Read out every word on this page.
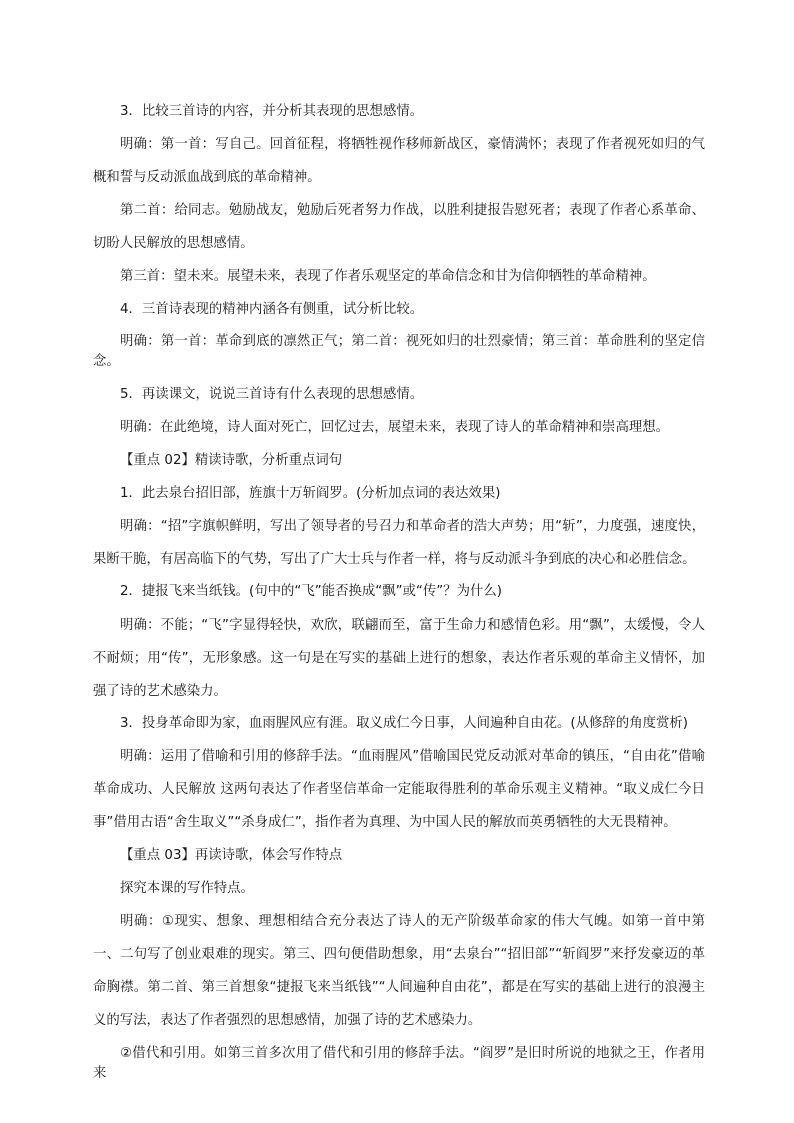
3．比较三首诗的内容，并分析其表现的思想感情。

明确：第一首：写自己。回首征程，将牺牲视作移师新战区，豪情满怀；表现了作者视死如归的气概和誓与反动派血战到底的革命精神。

第二首：给同志。勉励战友，勉励后死者努力作战，以胜利捷报告慰死者；表现了作者心系革命、切盼人民解放的思想感情。

第三首：望未来。展望未来，表现了作者乐观坚定的革命信念和甘为信仰牺牲的革命精神。

4．三首诗表现的精神内涵各有侧重，试分析比较。

明确：第一首：革命到底的凛然正气；第二首：视死如归的壮烈豪情；第三首：革命胜利的坚定信念。

5．再读课文，说说三首诗有什么表现的思想感情。

明确：在此绝境，诗人面对死亡，回忆过去，展望未来，表现了诗人的革命精神和崇高理想。

【重点 02】精读诗歌，分析重点词句

1．此去泉台招旧部，旌旗十万斩阎罗。(分析加点词的表达效果)

明确：“招”字旗帜鲜明，写出了领导者的号召力和革命者的浩大声势；用“斩”，力度强，速度快，果断干脆，有居高临下的气势，写出了广大士兵与作者一样，将与反动派斗争到底的决心和必胜信念。

2．捷报飞来当纸钱。(句中的“飞”能否换成“飘”或“传”？为什么)

明确：不能；“飞”字显得轻快，欢欣，联翩而至，富于生命力和感情色彩。用“飘”，太缓慢，令人不耐烦；用“传”，无形象感。这一句是在写实的基础上进行的想象，表达作者乐观的革命主义情怀，加强了诗的艺术感染力。

3．投身革命即为家，血雨腥风应有涯。取义成仁今日事，人间遍种自由花。(从修辞的角度赏析)

明确：运用了借喻和引用的修辞手法。“血雨腥风”借喻国民党反动派对革命的镇压，“自由花”借喻革命成功、人民解放 这两句表达了作者坚信革命一定能取得胜利的革命乐观主义精神。“取义成仁今日事”借用古语“舍生取义”“杀身成仁”，指作者为真理、为中国人民的解放而英勇牺牲的大无畏精神。

【重点 03】再读诗歌，体会写作特点

探究本课的写作特点。

明确：①现实、想象、理想相结合充分表达了诗人的无产阶级革命家的伟大气魄。如第一首中第一、二句写了创业艰难的现实。第三、四句便借助想象，用“去泉台”“招旧部”“斩阎罗”来抒发豪迈的革命胸襟。第二首、第三首想象“捷报飞来当纸钱”“人间遍种自由花”，都是在写实的基础上进行的浪漫主义的写法，表达了作者强烈的思想感情，加强了诗的艺术感染力。

②借代和引用。如第三首多次用了借代和引用的修辞手法。“阎罗”是旧时所说的地狱之王，作者用来
